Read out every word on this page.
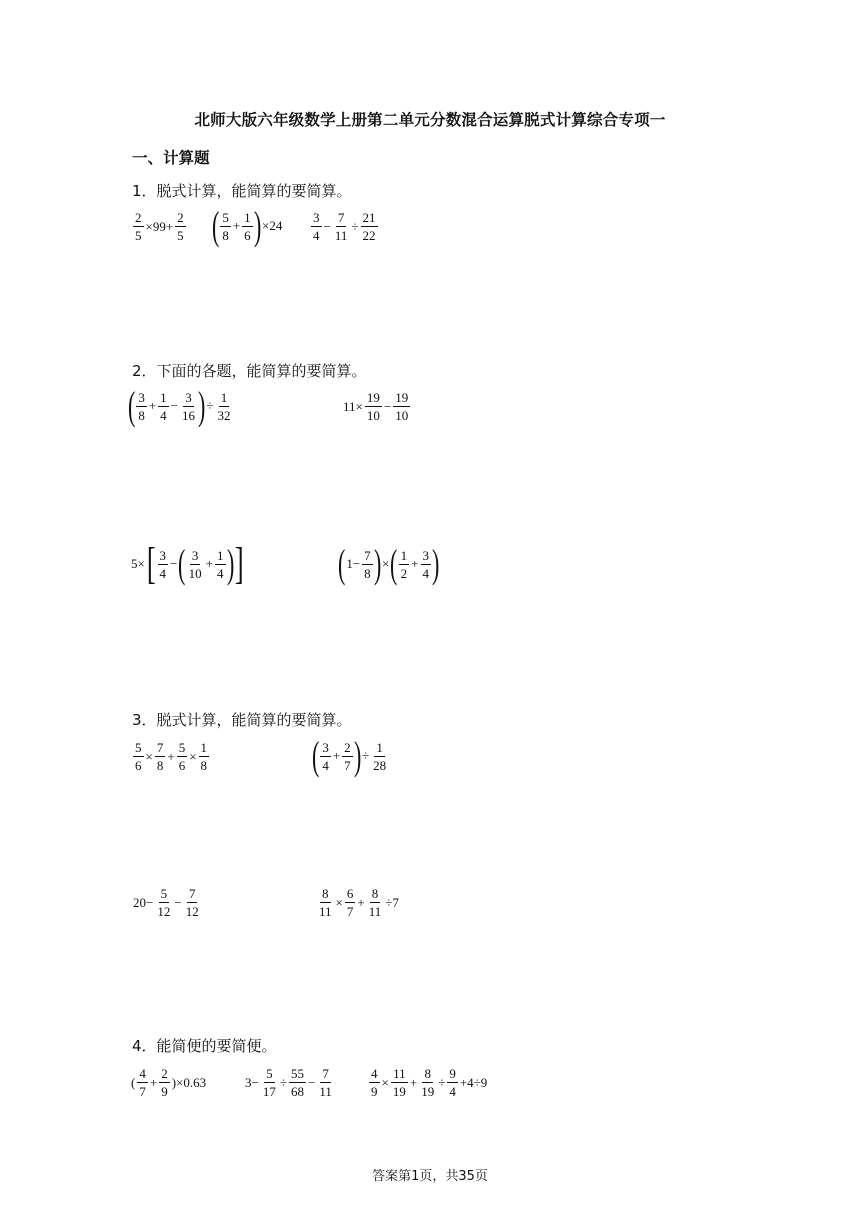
北师大版六年级数学上册第二单元分数混合运算脱式计算综合专项一
一、计算题
1．脱式计算，能简算的要简算。
$\frac{2}{5} \times 99+ \frac{2}{5}$ ( $\frac{5}{8} + \frac{1}{6}$ ) $\times 24 \frac{3}{4} - \frac{7}{11} \div \frac{21}{22}$
2．下面的各题，能简算的要简算。
( $\frac{3}{8} + \frac{1}{4} - \frac{3}{16}$ ) ÷ $\frac{1}{32}$	$11\times \frac{19}{10} - \frac{19}{10}$
5× [ $\frac{3}{4}$ − ( $\frac{3}{10} + \frac{1}{4}$ ) ] ( $1- \frac{7}{8}$ ) × ( $\frac{1}{2} + \frac{3}{4}$ )
3．脱式计算，能简算的要简算。
$\frac{5}{6} \times \frac{7}{8} + \frac{5}{6} \times \frac{1}{8}$	( $\frac{3}{4} + \frac{2}{7}$ ) ÷ $\frac{1}{28}$
$20- \frac{5}{12} - \frac{7}{12}$	$\frac{8}{11} \times \frac{6}{7} + \frac{8}{11} \div 7$
4．能简便的要简便。
( $\frac{4}{7} + \frac{2}{9} )\times 0.63$	$3- \frac{5}{17} \div \frac{55}{68} - \frac{7}{11}$	$\frac{4}{9} \times \frac{11}{19} + \frac{8}{19} \div \frac{9}{4} +4\div 9$
答案第1页，共35页
